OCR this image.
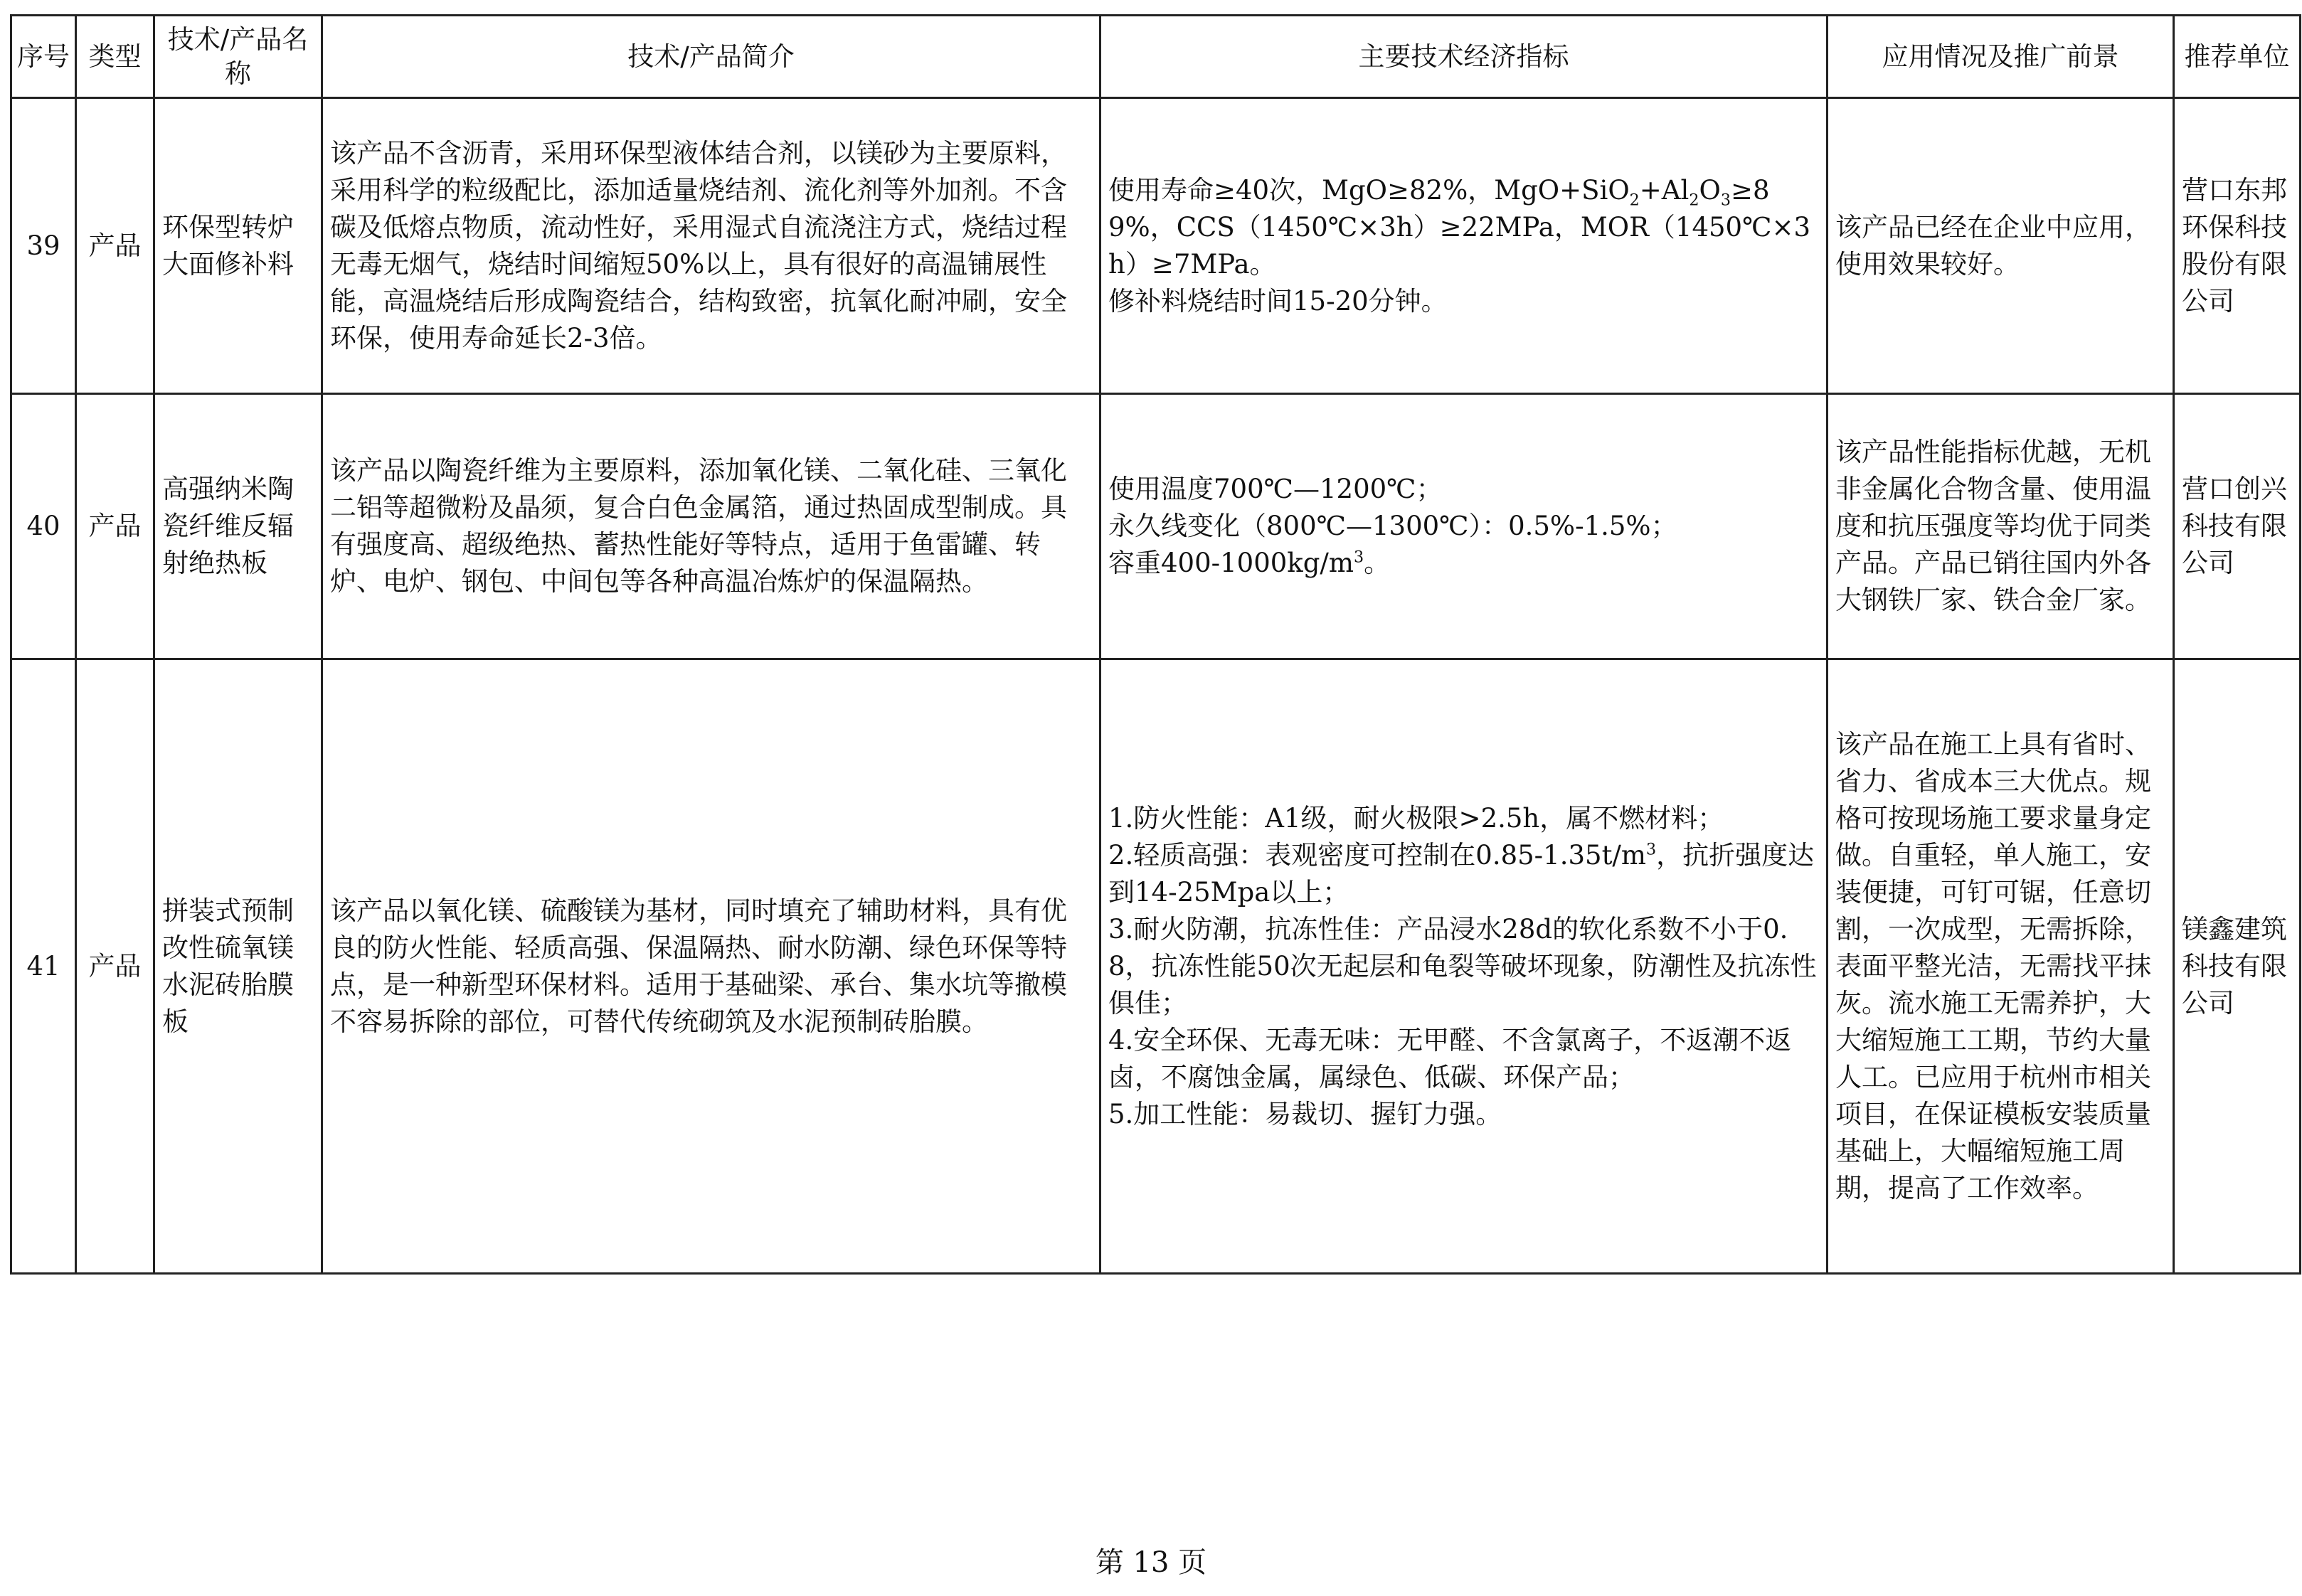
序号	类型	技术/产品名称	技术/产品简介	主要技术经济指标	应用情况及推广前景	推荐单位
39	产品	环保型转炉大面修补料	该产品不含沥青，采用环保型液体结合剂，以镁砂为主要原料，采用科学的粒级配比，添加适量烧结剂、流化剂等外加剂。不含碳及低熔点物质，流动性好，采用湿式自流浇注方式，烧结过程无毒无烟气，烧结时间缩短50%以上，具有很好的高温铺展性能，高温烧结后形成陶瓷结合，结构致密，抗氧化耐冲刷，安全环保，使用寿命延长2-3倍。	使用寿命≥40次，MgO≥82%，$MgO+SiO_2+Al_2O_3\ge 89\%$，CCS（1450℃×3h）≥22MPa，MOR（1450℃×3h）≥7MPa。
修补料烧结时间15-20分钟。	该产品已经在企业中应用，使用效果较好。	营口东邦环保科技股份有限公司
40	产品	高强纳米陶瓷纤维反辐射绝热板	该产品以陶瓷纤维为主要原料，添加氧化镁、二氧化硅、三氧化二铝等超微粉及晶须，复合白色金属箔，通过热固成型制成。具有强度高、超级绝热、蓄热性能好等特点，适用于鱼雷罐、转炉、电炉、钢包、中间包等各种高温冶炼炉的保温隔热。	使用温度700℃—1200℃；
永久线变化（800℃—1300℃）：0.5%-1.5%；
容重$400-1000kg/m^3$。	该产品性能指标优越，无机非金属化合物含量、使用温度和抗压强度等均优于同类产品。产品已销往国内外各大钢铁厂家、铁合金厂家。	营口创兴科技有限公司
41	产品	拼装式预制改性硫氧镁水泥砖胎膜板	该产品以氧化镁、硫酸镁为基材，同时填充了辅助材料，具有优良的防火性能、轻质高强、保温隔热、耐水防潮、绿色环保等特点，是一种新型环保材料。适用于基础梁、承台、集水坑等撤模不容易拆除的部位，可替代传统砌筑及水泥预制砖胎膜。	1.防火性能：A1级，耐火极限>2.5h，属不燃材料；
2.轻质高强：表观密度可控制在$0.85-1.35t/m^3$，抗折强度达到14-25Mpa以上；
3.耐火防潮，抗冻性佳：产品浸水28d的软化系数不小于0.8，抗冻性能50次无起层和龟裂等破坏现象，防潮性及抗冻性俱佳；
4.安全环保、无毒无味：无甲醛、不含氯离子，不返潮不返卤，不腐蚀金属，属绿色、低碳、环保产品；
5.加工性能：易裁切、握钉力强。	该产品在施工上具有省时、省力、省成本三大优点。规格可按现场施工要求量身定做。自重轻，单人施工，安装便捷，可钉可锯，任意切割，一次成型，无需拆除，表面平整光洁，无需找平抹灰。流水施工无需养护，大大缩短施工工期，节约大量人工。已应用于杭州市相关项目，在保证模板安装质量基础上，大幅缩短施工周期，提高了工作效率。	镁鑫建筑科技有限公司
第 13 页
